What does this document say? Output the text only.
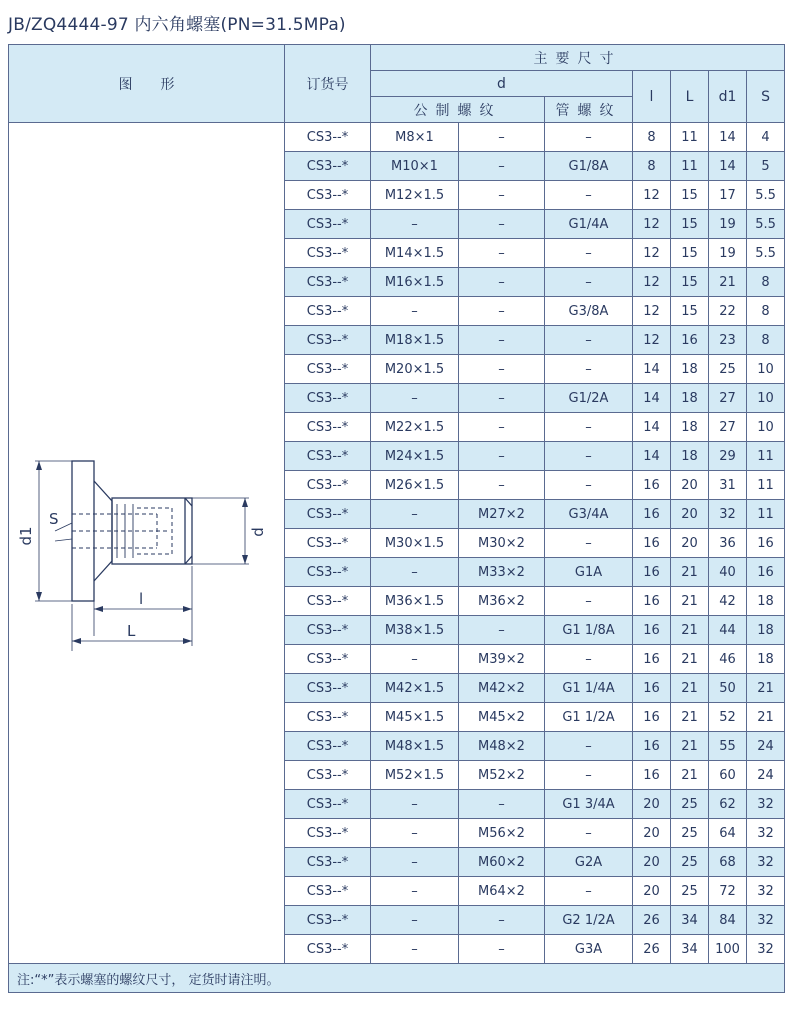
JB/ZQ4444-97 内六角螺塞(PN=31.5MPa)
图　　形	订货号	主要尺寸						
		d			l	L	d1	S
		公制螺纹		管螺纹				

d1
S
d
l
L	CS3--*	M8×1	–	–	8	11	14	4
	CS3--*	M10×1	–	G1/8A	8	11	14	5
	CS3--*	M12×1.5	–	–	12	15	17	5.5
	CS3--*	–	–	G1/4A	12	15	19	5.5
	CS3--*	M14×1.5	–	–	12	15	19	5.5
	CS3--*	M16×1.5	–	–	12	15	21	8
	CS3--*	–	–	G3/8A	12	15	22	8
	CS3--*	M18×1.5	–	–	12	16	23	8
	CS3--*	M20×1.5	–	–	14	18	25	10
	CS3--*	–	–	G1/2A	14	18	27	10
	CS3--*	M22×1.5	–	–	14	18	27	10
	CS3--*	M24×1.5	–	–	14	18	29	11
	CS3--*	M26×1.5	–	–	16	20	31	11
	CS3--*	–	M27×2	G3/4A	16	20	32	11
	CS3--*	M30×1.5	M30×2	–	16	20	36	16
	CS3--*	–	M33×2	G1A	16	21	40	16
	CS3--*	M36×1.5	M36×2	–	16	21	42	18
	CS3--*	M38×1.5	–	G1 1/8A	16	21	44	18
	CS3--*	–	M39×2	–	16	21	46	18
	CS3--*	M42×1.5	M42×2	G1 1/4A	16	21	50	21
	CS3--*	M45×1.5	M45×2	G1 1/2A	16	21	52	21
	CS3--*	M48×1.5	M48×2	–	16	21	55	24
	CS3--*	M52×1.5	M52×2	–	16	21	60	24
	CS3--*	–	–	G1 3/4A	20	25	62	32
	CS3--*	–	M56×2	–	20	25	64	32
	CS3--*	–	M60×2	G2A	20	25	68	32
	CS3--*	–	M64×2	–	20	25	72	32
	CS3--*	–	–	G2 1/2A	26	34	84	32
	CS3--*	–	–	G3A	26	34	100	32
注:“*”表示螺塞的螺纹尺寸， 定货时请注明。								
